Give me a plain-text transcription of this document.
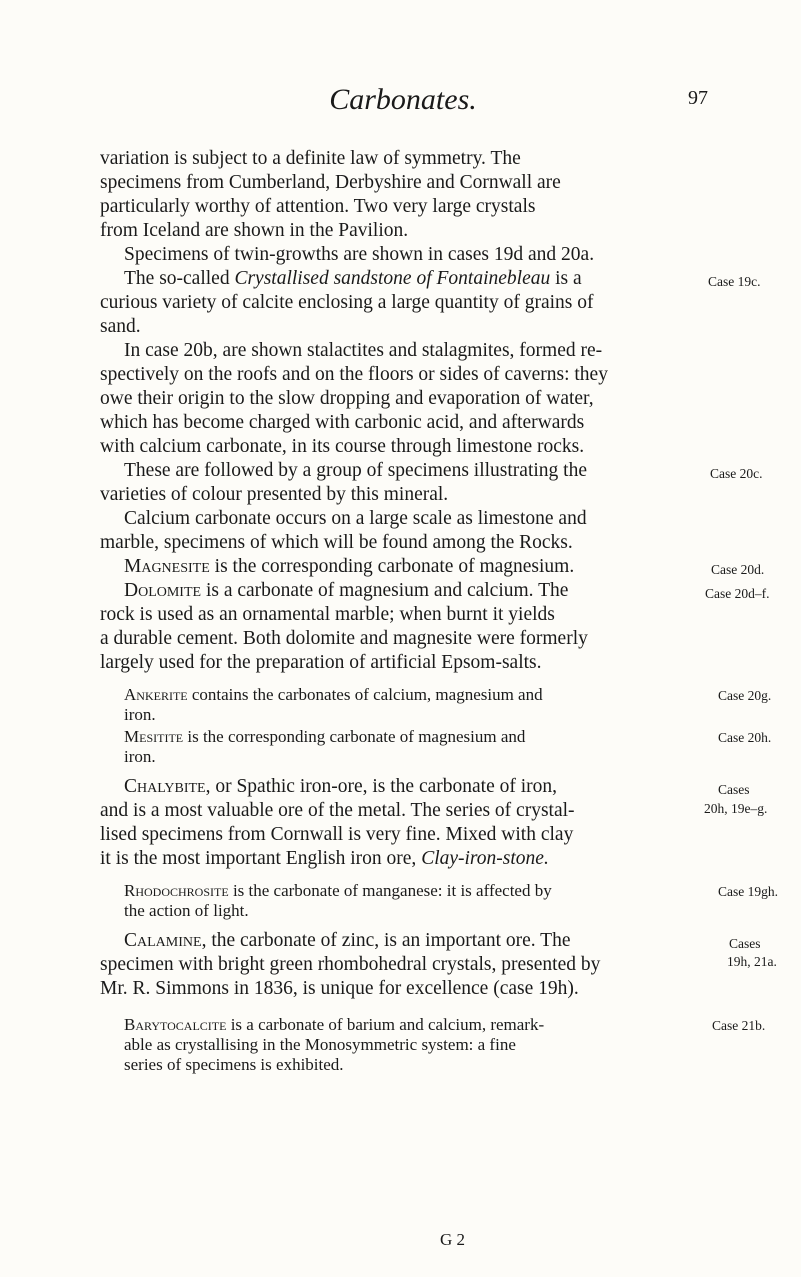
Carbonates.	97
variation is subject to a definite law of symmetry. The
specimens from Cumberland, Derbyshire and Cornwall are
particularly worthy of attention. Two very large crystals
from Iceland are shown in the Pavilion.
Specimens of twin-growths are shown in cases 19d and 20a.
The so-called Crystallised sandstone of Fontainebleau is a
curious variety of calcite enclosing a large quantity of grains of
sand.
In case 20b, are shown stalactites and stalagmites, formed re-
spectively on the roofs and on the floors or sides of caverns: they
owe their origin to the slow dropping and evaporation of water,
which has become charged with carbonic acid, and afterwards
with calcium carbonate, in its course through limestone rocks.
These are followed by a group of specimens illustrating the
varieties of colour presented by this mineral.
Calcium carbonate occurs on a large scale as limestone and
marble, specimens of which will be found among the Rocks.
Magnesite is the corresponding carbonate of magnesium.
Dolomite is a carbonate of magnesium and calcium. The
rock is used as an ornamental marble; when burnt it yields
a durable cement. Both dolomite and magnesite were formerly
largely used for the preparation of artificial Epsom-salts.
Ankerite contains the carbonates of calcium, magnesium and
iron.
Mesitite is the corresponding carbonate of magnesium and
iron.
Chalybite, or Spathic iron-ore, is the carbonate of iron,
and is a most valuable ore of the metal. The series of crystal-
lised specimens from Cornwall is very fine. Mixed with clay
it is the most important English iron ore, Clay-iron-stone.
Rhodochrosite is the carbonate of manganese: it is affected by
the action of light.
Calamine, the carbonate of zinc, is an important ore. The
specimen with bright green rhombohedral crystals, presented by
Mr. R. Simmons in 1836, is unique for excellence (case 19h).
Barytocalcite is a carbonate of barium and calcium, remark-
able as crystallising in the Monosymmetric system: a fine
series of specimens is exhibited.
Case 19c.
Case 20c.
Case 20d.
Case 20d–f.
Case 20g.
Case 20h.
Cases
20h, 19e–g.
Case 19gh.
Cases
19h, 21a.
Case 21b.
G 2
